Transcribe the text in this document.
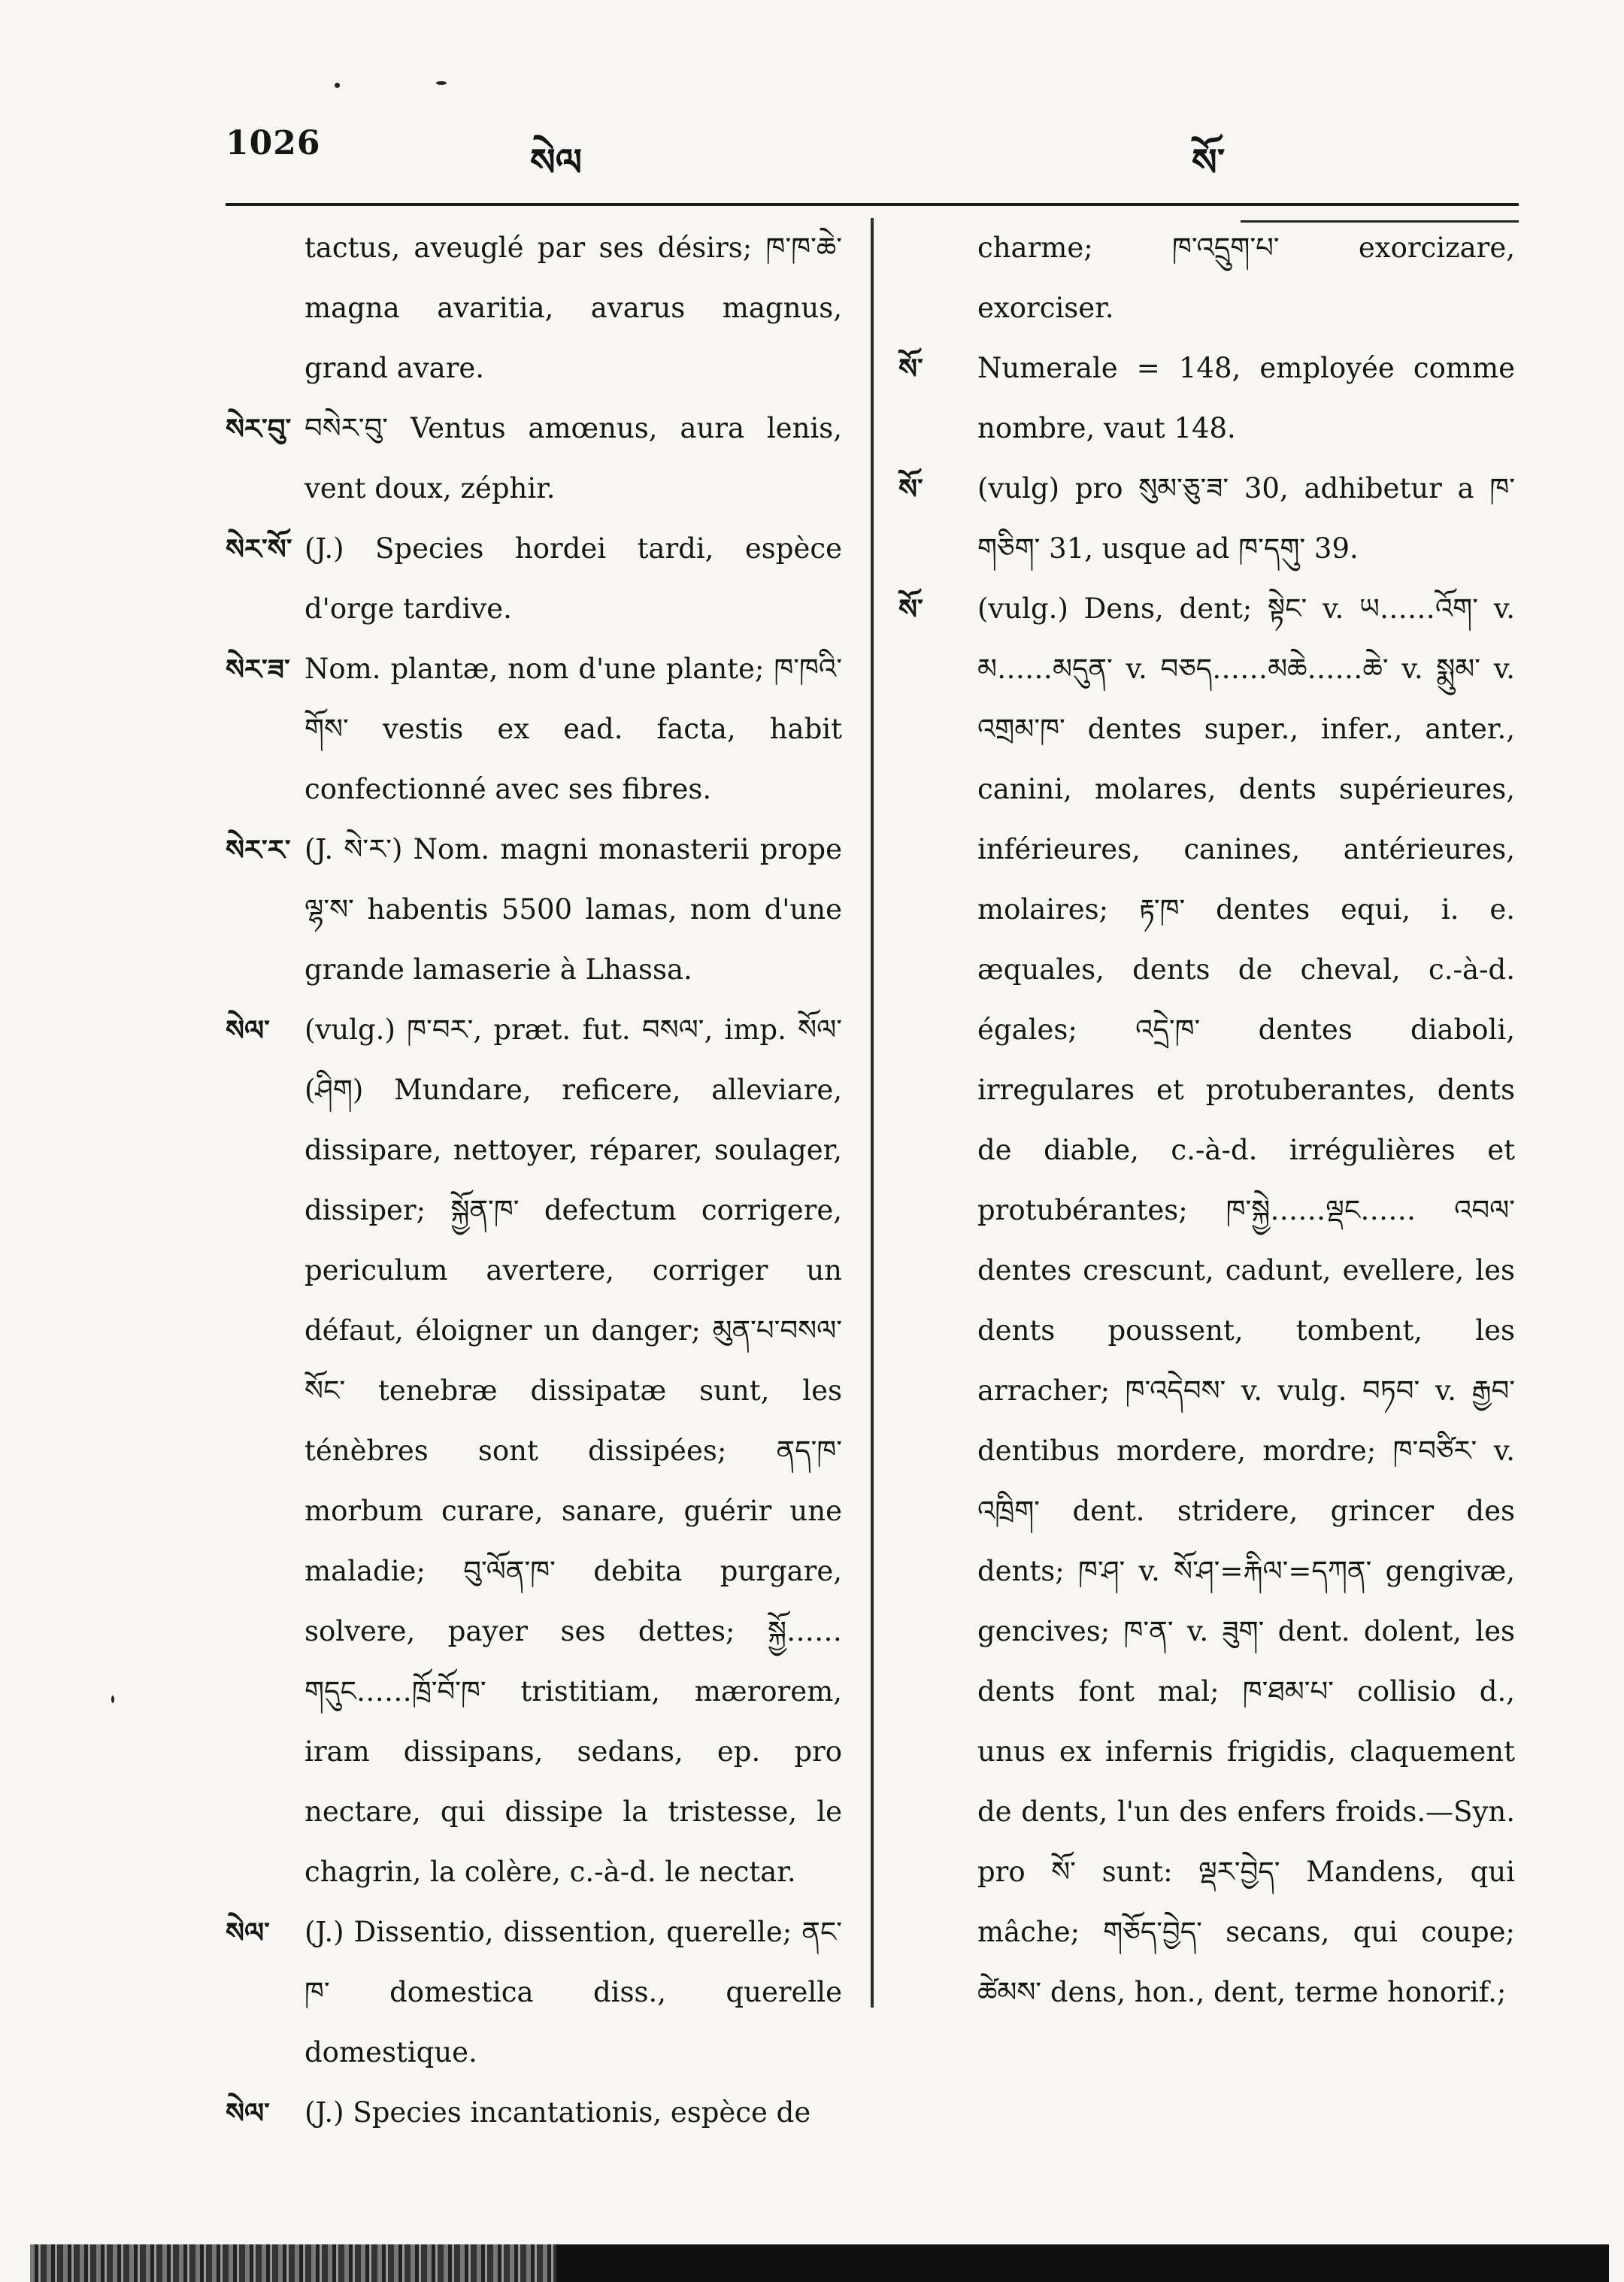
1026	སེལ	སོ་
tactus, aveuglé par ses désirs; ཁ་ཁ་ཆེ་ magna avaritia, avarus magnus, grand avare.
སེར་བུ་ བསེར་བུ་ Ventus amœnus, aura lenis, vent doux, zéphir.
སེར་སོ་ (J.) Species hordei tardi, espèce d'orge tardive.
སེར་ཟ་ Nom. plantæ, nom d'une plante; ཁ་ཁའི་གོས་ vestis ex ead. facta, habit confectionné avec ses fibres.
སེར་ར་ (J. སེ་ར་) Nom. magni monasterii prope ལྷ་ས་ habentis 5500 lamas, nom d'une grande lamaserie à Lhassa.
སེལ་ (vulg.) ཁ་བར་, præt. fut. བསལ་, imp. སོལ་(ཤིག) Mundare, reficere, alleviare, dissipare, nettoyer, réparer, soulager, dissiper; སྐྱོན་ཁ་ defectum corrigere, periculum avertere, corriger un défaut, éloigner un danger; མུན་པ་བསལ་སོང་ tenebræ dissipatæ sunt, les ténèbres sont dissipées; ནད་ཁ་ morbum curare, sanare, guérir une maladie; བུ་ལོན་ཁ་ debita purgare, solvere, payer ses dettes; སྐྱོ……གདུང……ཁྲོ་བོ་ཁ་ tristitiam, mærorem, iram dissipans, sedans, ep. pro nectare, qui dissipe la tristesse, le chagrin, la colère, c.-à-d. le nectar.
སེལ་ (J.) Dissentio, dissention, querelle; ནང་ཁ་ domestica diss., querelle domestique.
སེལ་ (J.) Species incantationis, espèce de
charme; ཁ་འདྲུག་པ་ exorcizare, exorciser.
སོ་ Numerale = 148, employée comme nombre, vaut 148.
སོ་ (vulg) pro སུམ་ཅུ་ཟ་ 30, adhibetur a ཁ་གཅིག་ 31, usque ad ཁ་དགུ་ 39.
སོ་ (vulg.) Dens, dent; སྟེང་ v. ཡ……འོག་ v. མ……མདུན་ v. བཅད……མཆེ……ཆེ་ v. སྨུམ་ v. འགྲམ་ཁ་ dentes super., infer., anter., canini, molares, dents supérieures, inférieures, canines, antérieures, molaires; རྟ་ཁ་ dentes equi, i. e. æquales, dents de cheval, c.-à-d. égales; འདྲེ་ཁ་ dentes diaboli, irregulares et protuberantes, dents de diable, c.-à-d. irrégulières et protubérantes; ཁ་སྐྱེ……ལྡང…… འབལ་ dentes crescunt, cadunt, evellere, les dents poussent, tombent, les arracher; ཁ་འདེབས་ v. vulg. བཏབ་ v. རྒྱབ་ dentibus mordere, mordre; ཁ་བཙིར་ v. འཁྲིག་ dent. stridere, grincer des dents; ཁ་ཤ་ v. སོ་ཤ་=རྐིལ་=དཀན་ gengivæ, gencives; ཁ་ན་ v. ཟུག་ dent. dolent, les dents font mal; ཁ་ཐམ་པ་ collisio d., unus ex infernis frigidis, claquement de dents, l'un des enfers froids.—Syn. pro སོ་ sunt: ལྡར་བྱེད་ Mandens, qui mâche; གཅོད་བྱེད་ secans, qui coupe; ཚེམས་ dens, hon., dent, terme honorif.;
